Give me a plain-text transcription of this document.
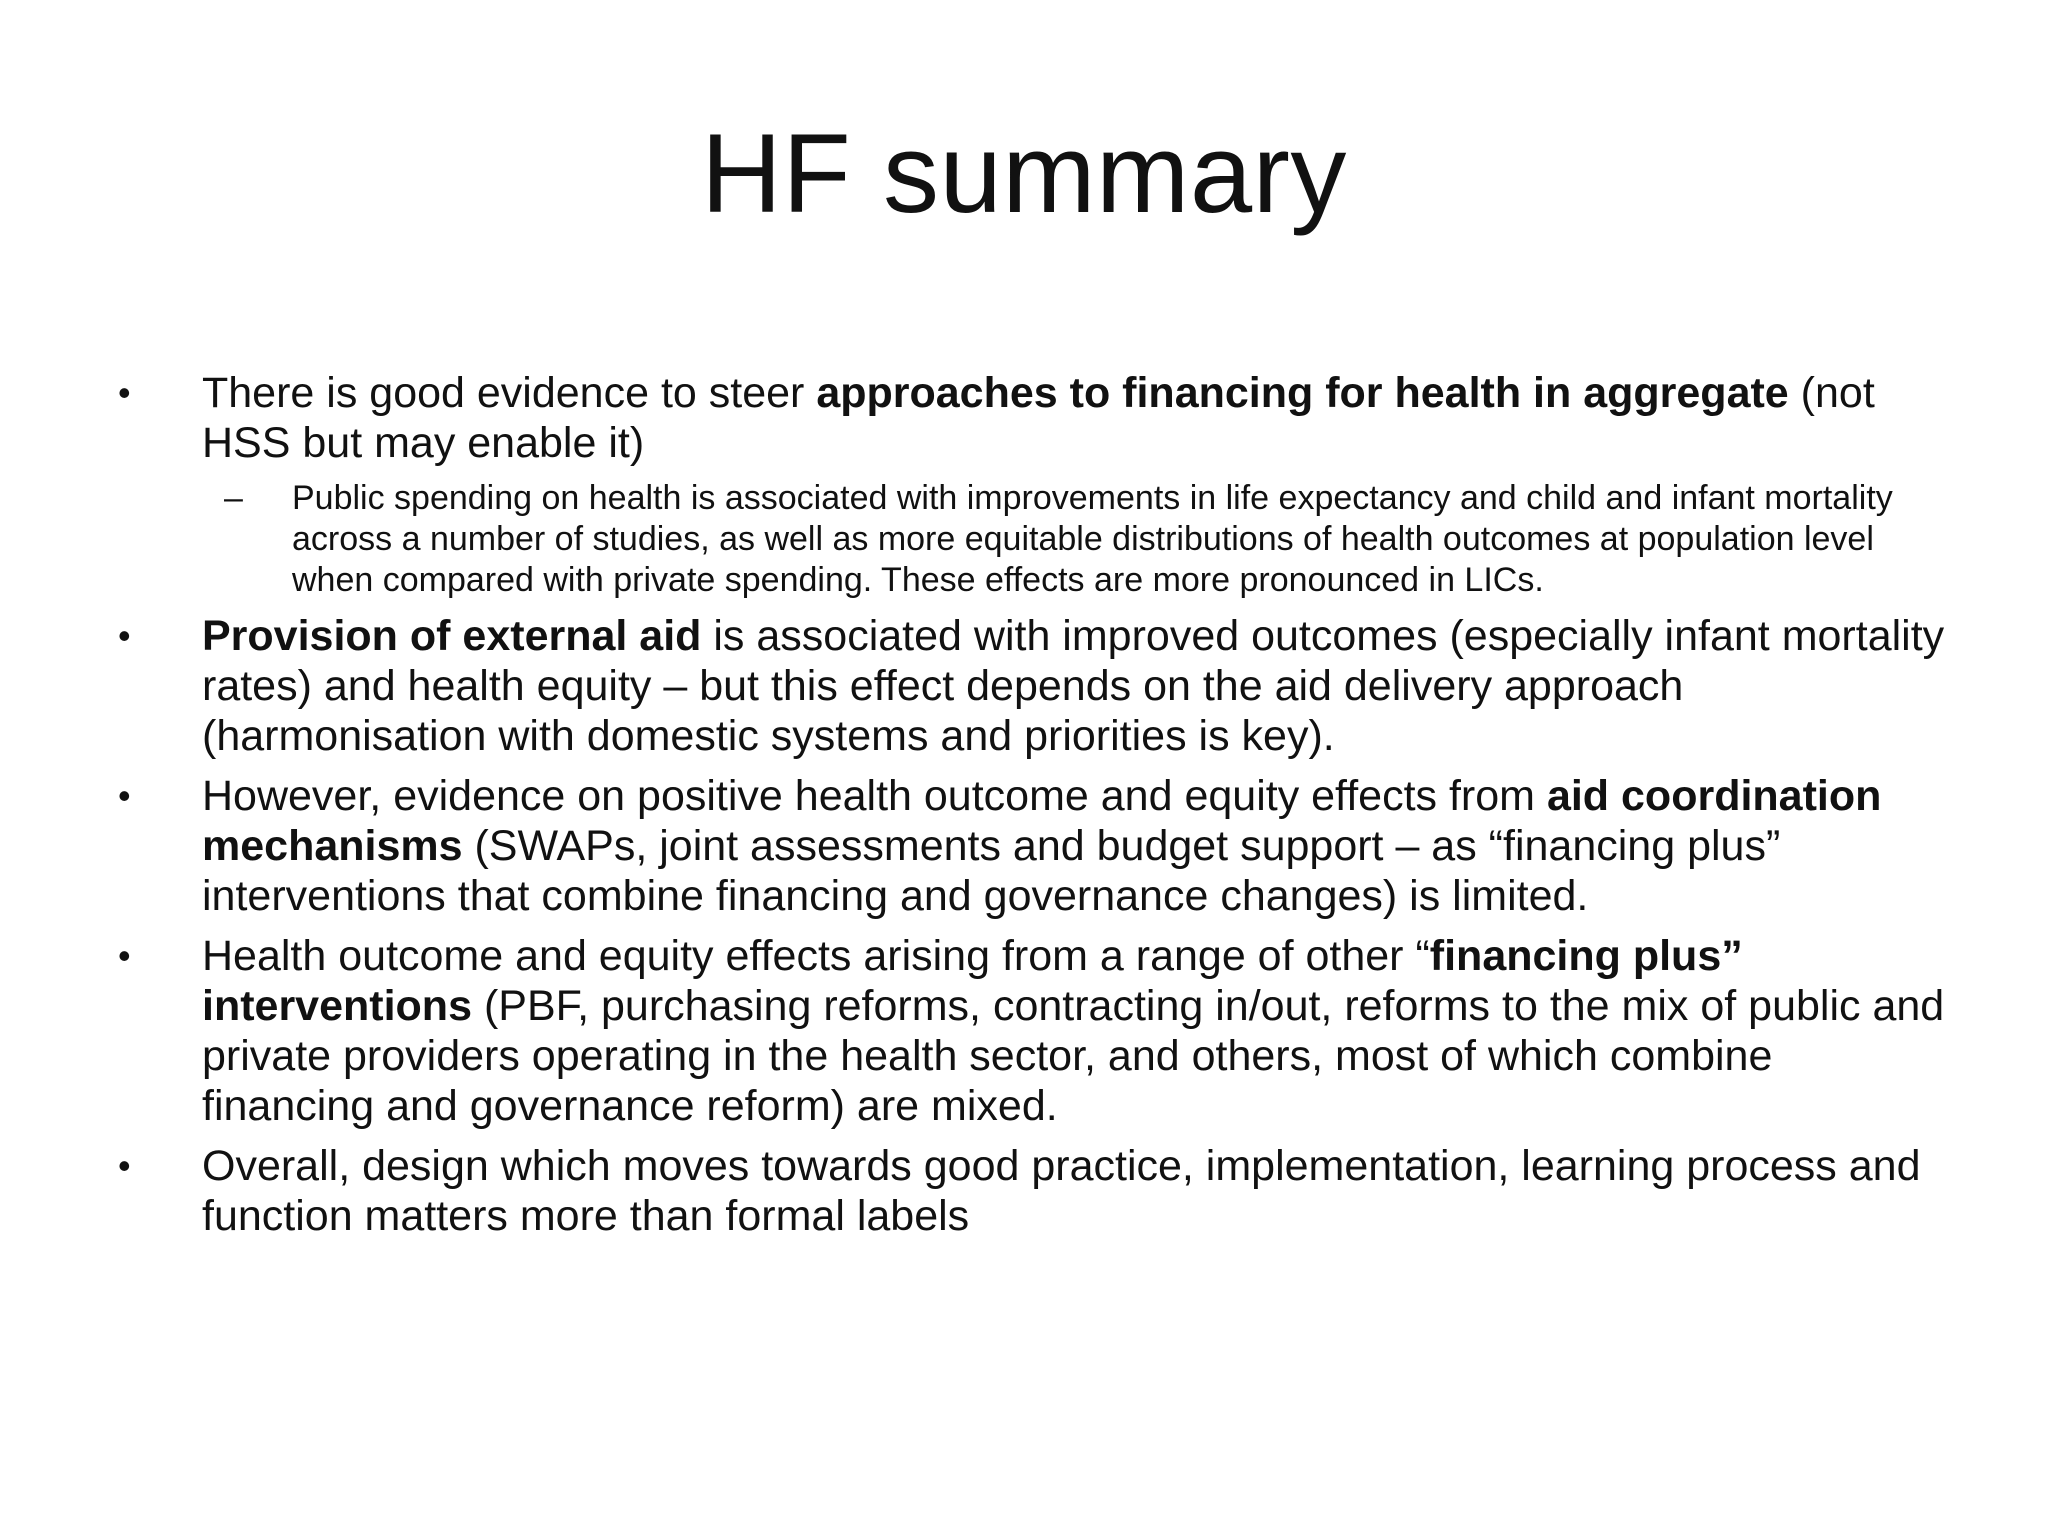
HF summary
•	There is good evidence to steer approaches to financing for health in aggregate (not HSS but may enable it)
–	Public spending on health is associated with improvements in life expectancy and child and infant mortality across a number of studies, as well as more equitable distributions of health outcomes at population level when compared with private spending. These effects are more pronounced in LICs.
•	Provision of external aid is associated with improved outcomes (especially infant mortality rates) and health equity – but this effect depends on the aid delivery approach (harmonisation with domestic systems and priorities is key).
•	However, evidence on positive health outcome and equity effects from aid coordination mechanisms (SWAPs, joint assessments and budget support – as “financing plus” interventions that combine financing and governance changes) is limited.
•	Health outcome and equity effects arising from a range of other “financing plus” interventions (PBF, purchasing reforms, contracting in/out, reforms to the mix of public and private providers operating in the health sector, and others, most of which combine financing and governance reform) are mixed.
•	Overall, design which moves towards good practice, implementation, learning process and function matters more than formal labels
